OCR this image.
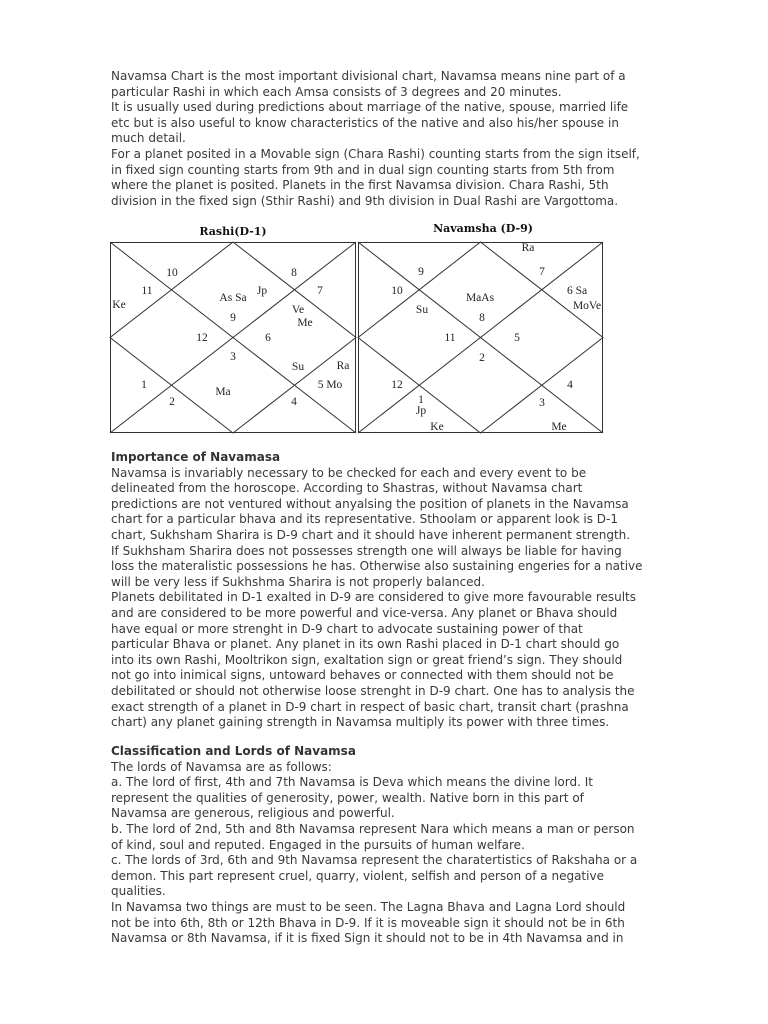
Navamsa Chart is the most important divisional chart, Navamsa means nine part of a
particular Rashi in which each Amsa consists of 3 degrees and 20 minutes.
It is usually used during predictions about marriage of the native, spouse, married life
etc but is also useful to know characteristics of the native and also his/her spouse in
much detail.
For a planet posited in a Movable sign (Chara Rashi) counting starts from the sign itself,
in fixed sign counting starts from 9th and in dual sign counting starts from 5th from
where the planet is posited. Planets in the first Navamsa division. Chara Rashi, 5th
division in the fixed sign (Sthir Rashi) and 9th division in Dual Rashi are Vargottoma.
Rashi(D-1)	Navamsha (D-9)
10
11
Ke
As Sa
Jp
9
8
7
Ve
Me
12	6
3
Su	Ra
5 Mo
1
Ma
2	4
Ra
9	7
10	6 Sa
MaAs
Su	MoVe
8
11	5
2
12	4
1
Jp
3
Ke	Me
Importance of Navamasa
Navamsa is invariably necessary to be checked for each and every event to be
delineated from the horoscope. According to Shastras, without Navamsa chart
predictions are not ventured without anyalsing the position of planets in the Navamsa
chart for a particular bhava and its representative. Sthoolam or apparent look is D-1
chart, Sukhsham Sharira is D-9 chart and it should have inherent permanent strength.
If Sukhsham Sharira does not possesses strength one will always be liable for having
loss the materalistic possessions he has. Otherwise also sustaining engeries for a native
will be very less if Sukhshma Sharira is not properly balanced.
Planets debilitated in D-1 exalted in D-9 are considered to give more favourable results
and are considered to be more powerful and vice-versa. Any planet or Bhava should
have equal or more strenght in D-9 chart to advocate sustaining power of that
particular Bhava or planet. Any planet in its own Rashi placed in D-1 chart should go
into its own Rashi, Mooltrikon sign, exaltation sign or great friend’s sign. They should
not go into inimical signs, untoward behaves or connected with them should not be
debilitated or should not otherwise loose strenght in D-9 chart. One has to analysis the
exact strength of a planet in D-9 chart in respect of basic chart, transit chart (prashna
chart) any planet gaining strength in Navamsa multiply its power with three times.
Classification and Lords of Navamsa
The lords of Navamsa are as follows:
a. The lord of first, 4th and 7th Navamsa is Deva which means the divine lord. It
represent the qualities of generosity, power, wealth. Native born in this part of
Navamsa are generous, religious and powerful.
b. The lord of 2nd, 5th and 8th Navamsa represent Nara which means a man or person
of kind, soul and reputed. Engaged in the pursuits of human welfare.
c. The lords of 3rd, 6th and 9th Navamsa represent the charatertistics of Rakshaha or a
demon. This part represent cruel, quarry, violent, selfish and person of a negative
qualities.
In Navamsa two things are must to be seen. The Lagna Bhava and Lagna Lord should
not be into 6th, 8th or 12th Bhava in D-9. If it is moveable sign it should not be in 6th
Navamsa or 8th Navamsa, if it is fixed Sign it should not to be in 4th Navamsa and in
